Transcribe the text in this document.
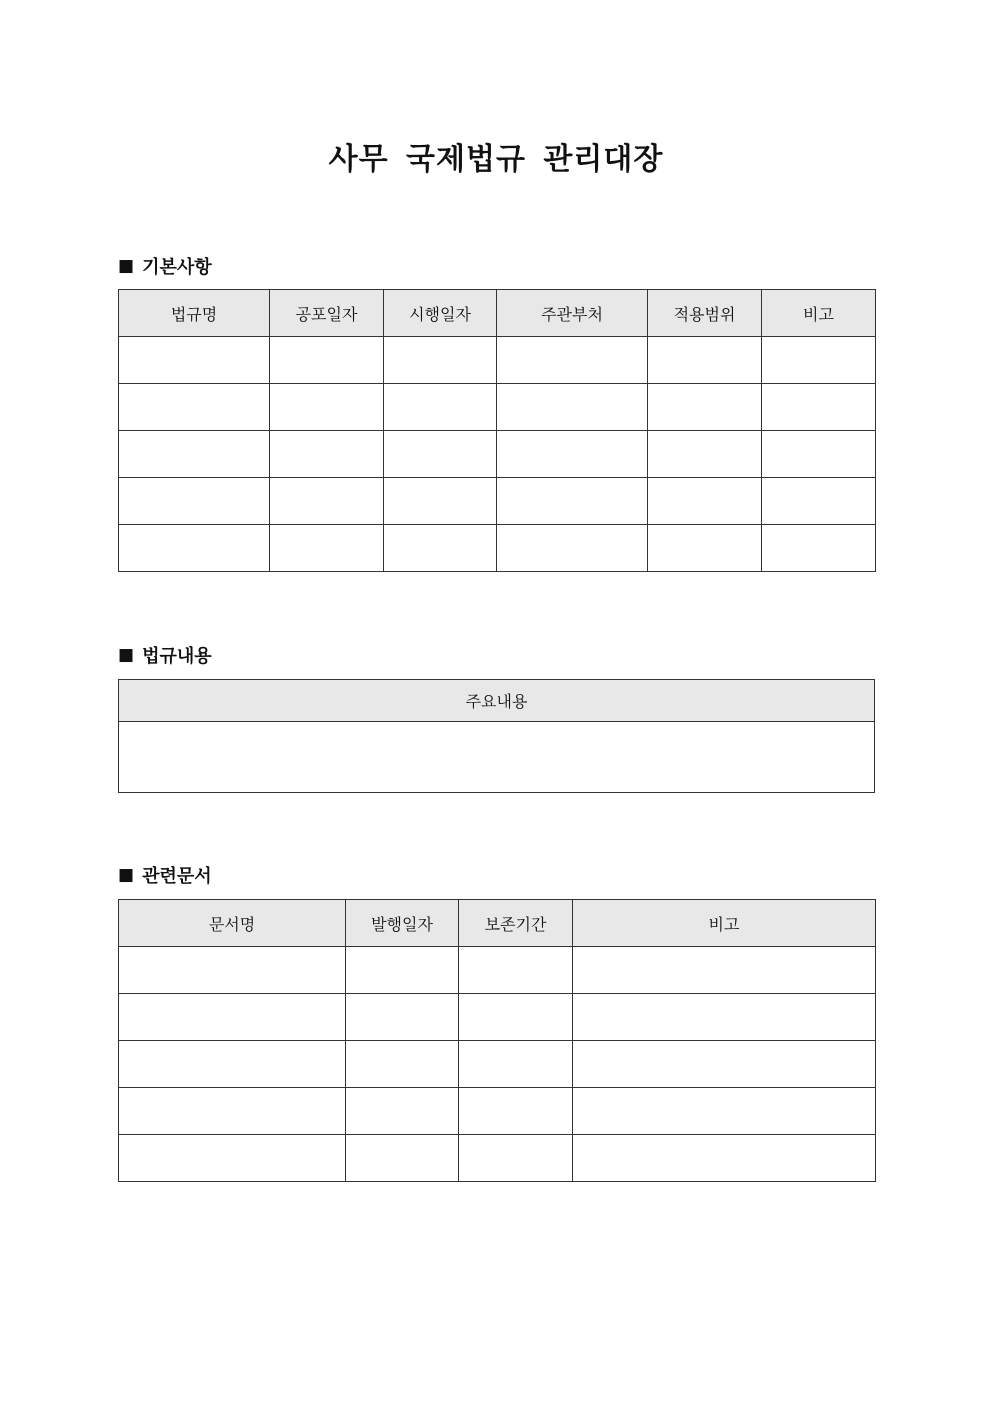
사무 국제법규 관리대장
■ 기본사항
법규명	공포일자	시행일자	주관부처	적용범위	비고

■ 법규내용
주요내용

■ 관련문서
문서명	발행일자	보존기간	비고
